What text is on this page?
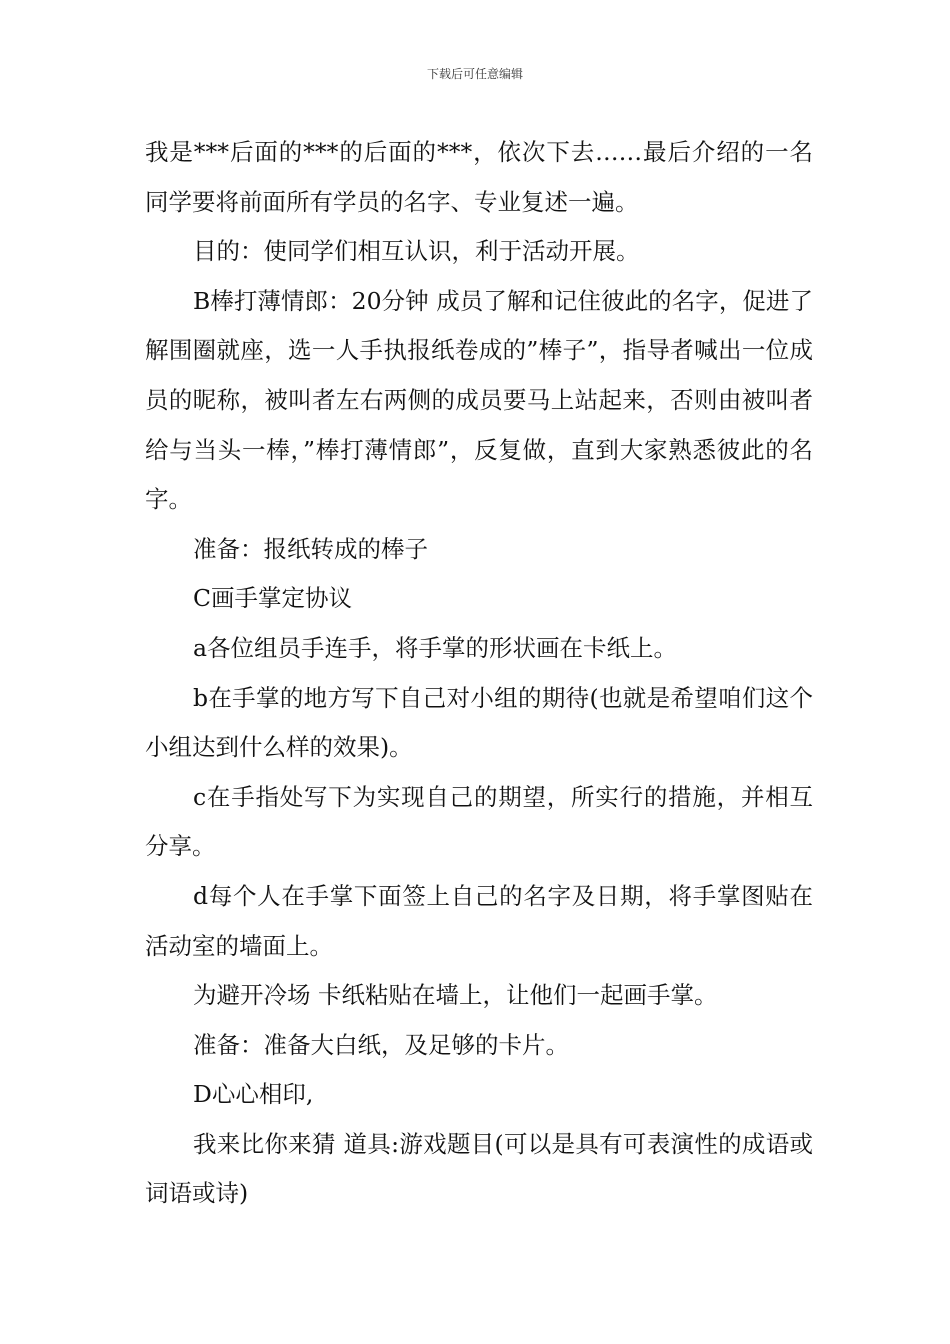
下载后可任意编辑

我是***后面的***的后面的***，依次下去……最后介绍的一名同学要将前面所有学员的名字、专业复述一遍。

目的：使同学们相互认识，利于活动开展。

B棒打薄情郎：20分钟 成员了解和记住彼此的名字，促进了解围圈就座，选一人手执报纸卷成的”棒子”，指导者喊出一位成员的昵称，被叫者左右两侧的成员要马上站起来，否则由被叫者给与当头一棒，”棒打薄情郎”，反复做，直到大家熟悉彼此的名字。

准备：报纸转成的棒子

C画手掌定协议

a各位组员手连手，将手掌的形状画在卡纸上。

b在手掌的地方写下自己对小组的期待(也就是希望咱们这个小组达到什么样的效果)。

c在手指处写下为实现自己的期望，所实行的措施，并相互分享。

d每个人在手掌下面签上自己的名字及日期，将手掌图贴在活动室的墙面上。

为避开冷场 卡纸粘贴在墙上，让他们一起画手掌。

准备：准备大白纸，及足够的卡片。

D心心相印,

我来比你来猜 道具:游戏题目(可以是具有可表演性的成语或词语或诗)
